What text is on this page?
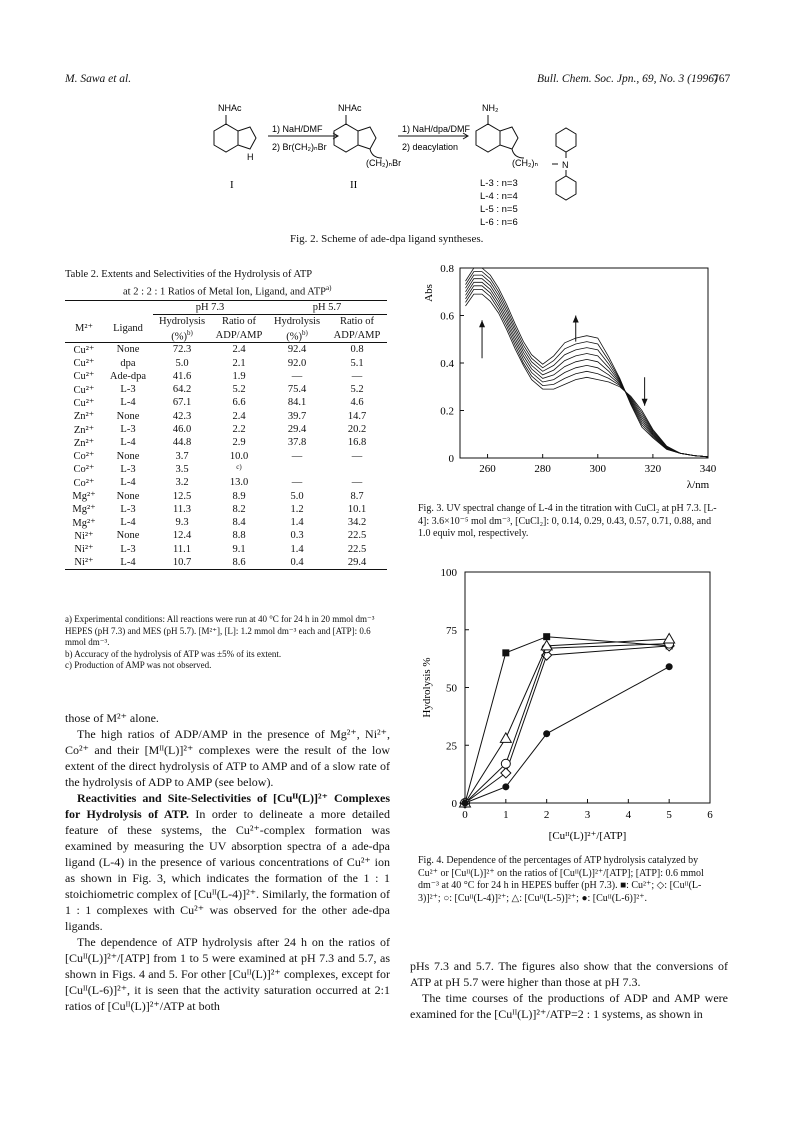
M. Sawa et al.	Bull. Chem. Soc. Jpn., 69, No. 3 (1996)
767
NHAc	NHAc	NH₂
1) NaH/DMF
2) Br(CH₂)ₙBr
1) NaH/dpa/DMF
2) deacylation
(CH₂)ₙBr	(CH₂)ₙ
H
N
I	II	L-3 : n=3
L-4 : n=4
L-5 : n=5
L-6 : n=6
Fig. 2. Scheme of ade-dpa ligand syntheses.
Table 2. Extents and Selectivities of the Hydrolysis of ATP
at 2 : 2 : 1 Ratios of Metal Ion, Ligand, and ATP$^{a)}$
		pH 7.3		pH 5.7	
M²⁺	Ligand	Hydrolysis	Ratio of	Hydrolysis	Ratio of
		(%)$^{b)}$	ADP/AMP	(%)$^{b)}$	ADP/AMP
Cu²⁺	None	72.3	2.4	92.4	0.8
Cu²⁺	dpa	5.0	2.1	92.0	5.1
Cu²⁺	Ade-dpa	41.6	1.9	—	—
Cu²⁺	L-3	64.2	5.2	75.4	5.2
Cu²⁺	L-4	67.1	6.6	84.1	4.6
Zn²⁺	None	42.3	2.4	39.7	14.7
Zn²⁺	L-3	46.0	2.2	29.4	20.2
Zn²⁺	L-4	44.8	2.9	37.8	16.8
Co²⁺	None	3.7	10.0	—	—
Co²⁺	L-3	3.5	c)		
Co²⁺	L-4	3.2	13.0	—	—
Mg²⁺	None	12.5	8.9	5.0	8.7
Mg²⁺	L-3	11.3	8.2	1.2	10.1
Mg²⁺	L-4	9.3	8.4	1.4	34.2
Ni²⁺	None	12.4	8.8	0.3	22.5
Ni²⁺	L-3	11.1	9.1	1.4	22.5
Ni²⁺	L-4	10.7	8.6	0.4	29.4
a) Experimental conditions: All reactions were run at 40 °C for 24 h in 20 mmol dm⁻³ HEPES (pH 7.3) and MES (pH 5.7). [M²⁺], [L]: 1.2 mmol dm⁻³ each and [ATP]: 0.6 mmol dm⁻³.
b) Accuracy of the hydrolysis of ATP was ±5% of its extent.
c) Production of AMP was not observed.

those of M²⁺ alone.

The high ratios of ADP/AMP in the presence of Mg²⁺, Ni²⁺, Co²⁺ and their [Mᴵᴵ(L)]²⁺ complexes were the result of the low extent of the direct hydrolysis of ATP to AMP and of a slow rate of the hydrolysis of ADP to AMP (see below).

Reactivities and Site-Selectivities of [Cuᴵᴵ(L)]²⁺ Complexes for Hydrolysis of ATP. In order to delineate a more detailed feature of these systems, the Cu²⁺-complex formation was examined by measuring the UV absorption spectra of a ade-dpa ligand (L-4) in the presence of various concentrations of Cu²⁺ ion as shown in Fig. 3, which indicates the formation of the 1 : 1 stoichiometric complex of [Cuᴵᴵ(L-4)]²⁺. Similarly, the formation of 1 : 1 complexes with Cu²⁺ was observed for the other ade-dpa ligands.

The dependence of ATP hydrolysis after 24 h on the ratios of [Cuᴵᴵ(L)]²⁺/[ATP] from 1 to 5 were examined at pH 7.3 and 5.7, as shown in Figs. 4 and 5. For other [Cuᴵᴵ(L)]²⁺ complexes, except for [Cuᴵᴵ(L-6)]²⁺, it is seen that the activity saturation occurred at 2:1 ratios of [Cuᴵᴵ(L)]²⁺/ATP at both

260	280	300	320	340
0
0.2
0.4
0.6
0.8
λ/nm
Abs
Fig. 3. UV spectral change of L-4 in the titration with CuCl₂ at pH 7.3. [L-4]: 3.6×10⁻⁵ mol dm⁻³, [CuCl₂]: 0, 0.14, 0.29, 0.43, 0.57, 0.71, 0.88, and 1.0 equiv mol, respectively.
0	1	2	3	4	5	6
0
25
50
75
100
[Cuᴵᴵ(L)]²⁺/[ATP]
Hydrolysis %
Fig. 4. Dependence of the percentages of ATP hydrolysis catalyzed by Cu²⁺ or [Cuᴵᴵ(L)]²⁺ on the ratios of [Cuᴵᴵ(L)]²⁺/[ATP]; [ATP]: 0.6 mmol dm⁻³ at 40 °C for 24 h in HEPES buffer (pH 7.3). ■: Cu²⁺; ◇: [Cuᴵᴵ(L-3)]²⁺; ○: [Cuᴵᴵ(L-4)]²⁺; △: [Cuᴵᴵ(L-5)]²⁺; ●: [Cuᴵᴵ(L-6)]²⁺.

pHs 7.3 and 5.7. The figures also show that the conversions of ATP at pH 5.7 were higher than those at pH 7.3.

The time courses of the productions of ADP and AMP were examined for the [Cuᴵᴵ(L)]²⁺/ATP=2 : 1 systems, as shown in
